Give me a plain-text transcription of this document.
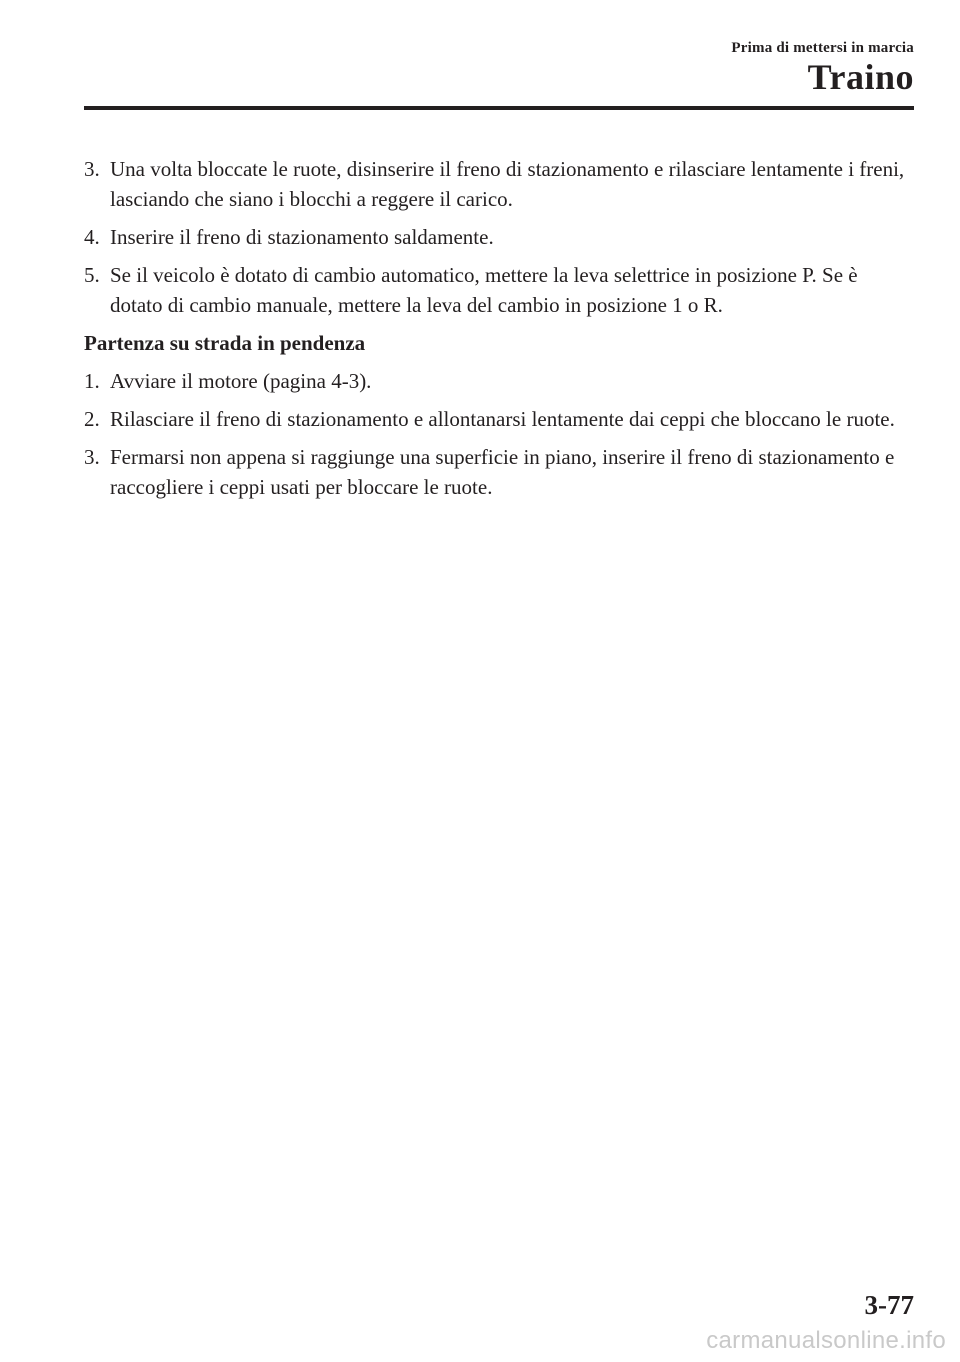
Prima di mettersi in marcia
Traino
3. Una volta bloccate le ruote, disinserire il freno di stazionamento e rilasciare lentamente i freni, lasciando che siano i blocchi a reggere il carico.
4. Inserire il freno di stazionamento saldamente.
5. Se il veicolo è dotato di cambio automatico, mettere la leva selettrice in posizione P. Se è dotato di cambio manuale, mettere la leva del cambio in posizione 1 o R.
Partenza su strada in pendenza
1. Avviare il motore (pagina 4-3).
2. Rilasciare il freno di stazionamento e allontanarsi lentamente dai ceppi che bloccano le ruote.
3. Fermarsi non appena si raggiunge una superficie in piano, inserire il freno di stazionamento e raccogliere i ceppi usati per bloccare le ruote.
3-77
carmanualsonline.info
